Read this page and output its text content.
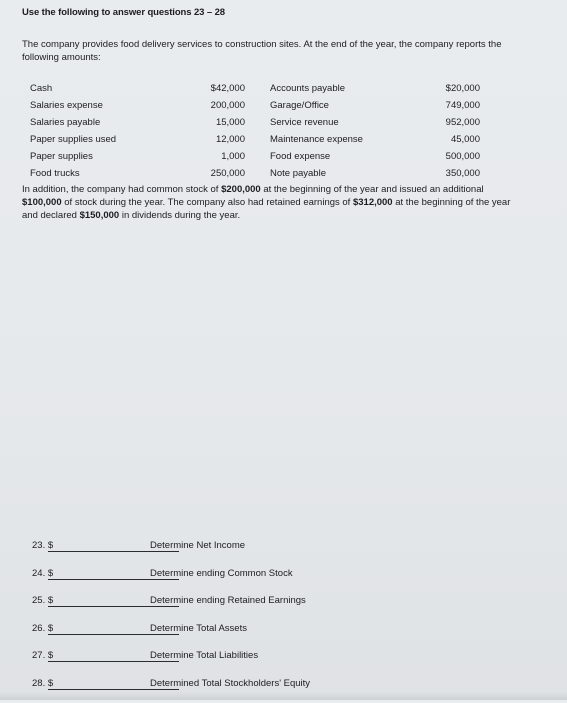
Use the following to answer questions 23 – 28
The company provides food delivery services to construction sites. At the end of the year, the company reports the
following amounts:
Cash	$42,000	Accounts payable	$20,000
Salaries expense	200,000	Garage/Office	749,000
Salaries payable	15,000	Service revenue	952,000
Paper supplies used	12,000	Maintenance expense	45,000
Paper supplies	1,000	Food expense	500,000
Food trucks	250,000	Note payable	350,000
In addition, the company had common stock of $200,000 at the beginning of the year and issued an additional
$100,000 of stock during the year. The company also had retained earnings of $312,000 at the beginning of the year
and declared $150,000 in dividends during the year.
23. $	Determine Net Income
24. $	Determine ending Common Stock
25. $	Determine ending Retained Earnings
26. $	Determine Total Assets
27. $	Determine Total Liabilities
28. $	Determined Total Stockholders' Equity
